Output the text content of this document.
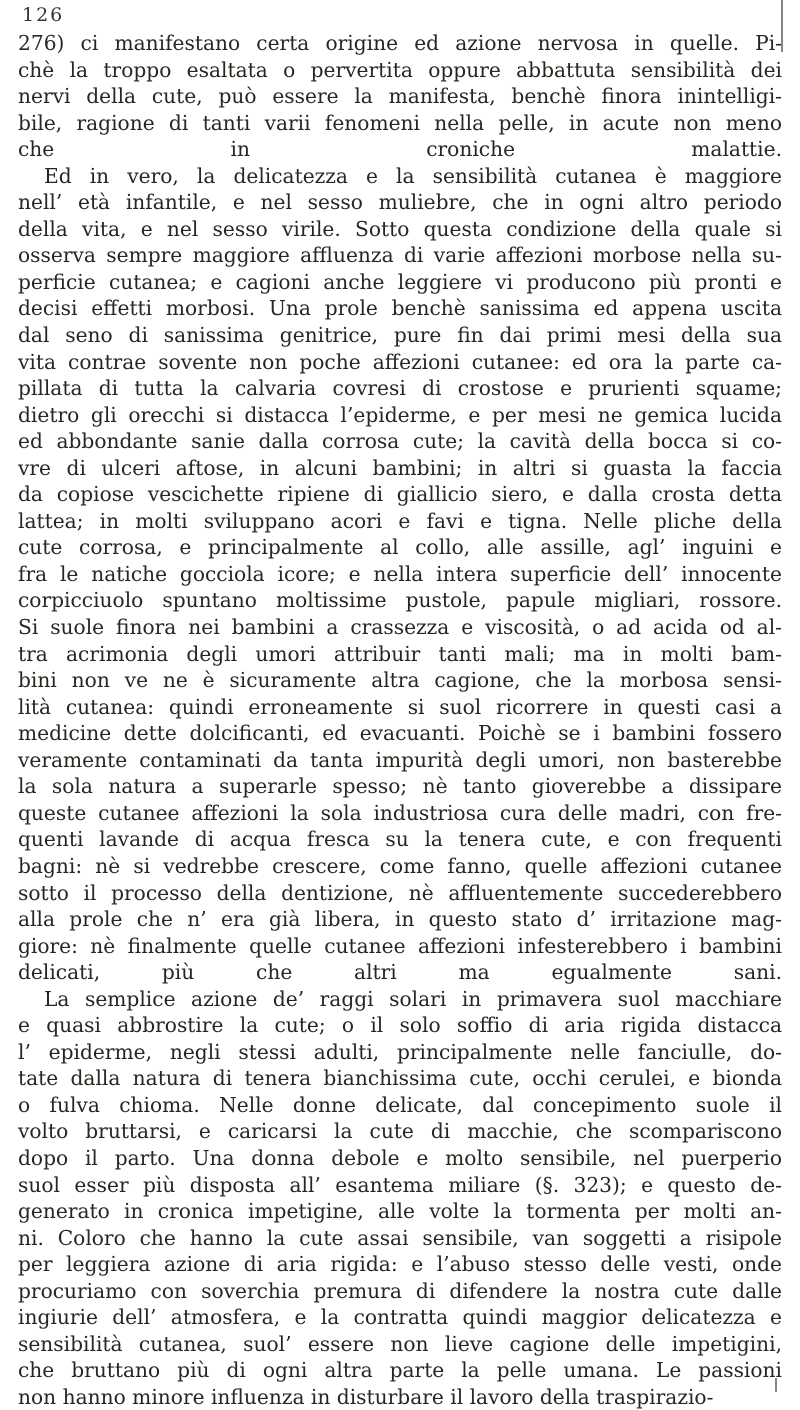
126
276) ci manifestano certa origine ed azione nervosa in quelle. Pi-
chè la troppo esaltata o pervertita oppure abbattuta sensibilità dei
nervi della cute, può essere la manifesta, benchè finora inintelligi-
bile, ragione di tanti varii fenomeni nella pelle, in acute non meno
che in croniche malattie.
Ed in vero, la delicatezza e la sensibilità cutanea è maggiore
nell’ età infantile, e nel sesso muliebre, che in ogni altro periodo
della vita, e nel sesso virile. Sotto questa condizione della quale si
osserva sempre maggiore affluenza di varie affezioni morbose nella su-
perficie cutanea; e cagioni anche leggiere vi producono più pronti e
decisi effetti morbosi. Una prole benchè sanissima ed appena uscita
dal seno di sanissima genitrice, pure fin dai primi mesi della sua
vita contrae sovente non poche affezioni cutanee: ed ora la parte ca-
pillata di tutta la calvaria covresi di crostose e prurienti squame;
dietro gli orecchi si distacca l’epiderme, e per mesi ne gemica lucida
ed abbondante sanie dalla corrosa cute; la cavità della bocca si co-
vre di ulceri aftose, in alcuni bambini; in altri si guasta la faccia
da copiose vescichette ripiene di giallicio siero, e dalla crosta detta
lattea; in molti sviluppano acori e favi e tigna. Nelle pliche della
cute corrosa, e principalmente al collo, alle assille, agl’ inguini e
fra le natiche gocciola icore; e nella intera superficie dell’ innocente
corpicciuolo spuntano moltissime pustole, papule migliari, rossore.
Si suole finora nei bambini a crassezza e viscosità, o ad acida od al-
tra acrimonia degli umori attribuir tanti mali; ma in molti bam-
bini non ve ne è sicuramente altra cagione, che la morbosa sensi-
lità cutanea: quindi erroneamente si suol ricorrere in questi casi a
medicine dette dolcificanti, ed evacuanti. Poichè se i bambini fossero
veramente contaminati da tanta impurità degli umori, non basterebbe
la sola natura a superarle spesso; nè tanto gioverebbe a dissipare
queste cutanee affezioni la sola industriosa cura delle madri, con fre-
quenti lavande di acqua fresca su la tenera cute, e con frequenti
bagni: nè si vedrebbe crescere, come fanno, quelle affezioni cutanee
sotto il processo della dentizione, nè affluentemente succederebbero
alla prole che n’ era già libera, in questo stato d’ irritazione mag-
giore: nè finalmente quelle cutanee affezioni infesterebbero i bambini
delicati, più che altri ma egualmente sani.
La semplice azione de’ raggi solari in primavera suol macchiare
e quasi abbrostire la cute; o il solo soffio di aria rigida distacca
l’ epiderme, negli stessi adulti, principalmente nelle fanciulle, do-
tate dalla natura di tenera bianchissima cute, occhi cerulei, e bionda
o fulva chioma. Nelle donne delicate, dal concepimento suole il
volto bruttarsi, e caricarsi la cute di macchie, che scompariscono
dopo il parto. Una donna debole e molto sensibile, nel puerperio
suol esser più disposta all’ esantema miliare (§. 323); e questo de-
generato in cronica impetigine, alle volte la tormenta per molti an-
ni. Coloro che hanno la cute assai sensibile, van soggetti a risipole
per leggiera azione di aria rigida: e l’abuso stesso delle vesti, onde
procuriamo con soverchia premura di difendere la nostra cute dalle
ingiurie dell’ atmosfera, e la contratta quindi maggior delicatezza e
sensibilità cutanea, suol’ essere non lieve cagione delle impetigini,
che bruttano più di ogni altra parte la pelle umana. Le passioni
non hanno minore influenza in disturbare il lavoro della traspirazio-
